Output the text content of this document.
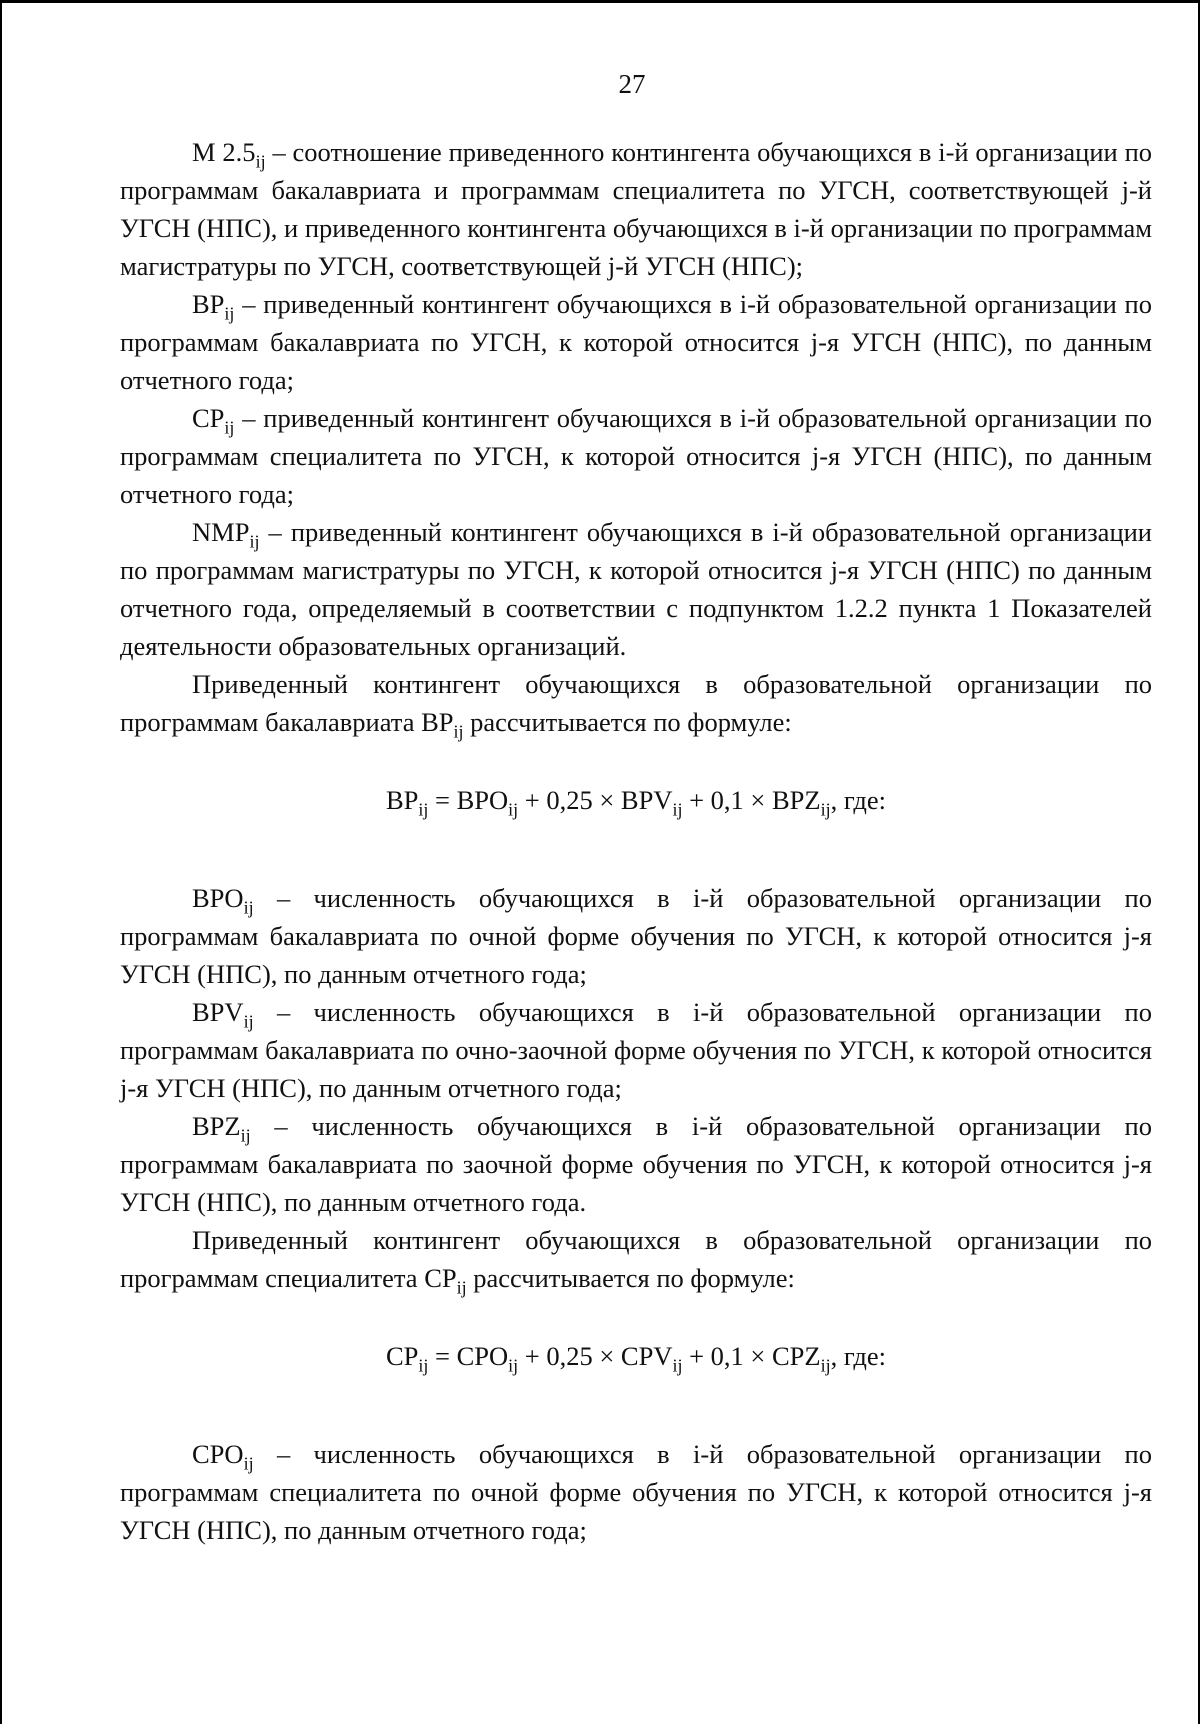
27

M $2.5_{ij}$ – соотношение приведенного контингента обучающихся в i-й организации по программам бакалавриата и программам специалитета по УГСН, соответствующей j-й УГСН (НПС), и приведенного контингента обучающихся в i-й организации по программам магистратуры по УГСН, соответствующей j-й УГСН (НПС);

$BP_{ij}$ – приведенный контингент обучающихся в i-й образовательной организации по программам бакалавриата по УГСН, к которой относится j-я УГСН (НПС), по данным отчетного года;

$CP_{ij}$ – приведенный контингент обучающихся в i-й образовательной организации по программам специалитета по УГСН, к которой относится j-я УГСН (НПС), по данным отчетного года;

$NMP_{ij}$ – приведенный контингент обучающихся в i-й образовательной организации по программам магистратуры по УГСН, к которой относится j-я УГСН (НПС) по данным отчетного года, определяемый в соответствии с подпунктом 1.2.2 пункта 1 Показателей деятельности образовательных организаций.

Приведенный контингент обучающихся в образовательной организации по программам бакалавриата $BP_{ij}$ рассчитывается по формуле:

$BP_{ij} = BPO_{ij} + 0,25 \times BPV_{ij} + 0,1 \times BPZ_{ij}$, где:

$BPO_{ij}$ – численность обучающихся в i-й образовательной организации по программам бакалавриата по очной форме обучения по УГСН, к которой относится j-я УГСН (НПС), по данным отчетного года;

$BPV_{ij}$ – численность обучающихся в i-й образовательной организации по программам бакалавриата по очно-заочной форме обучения по УГСН, к которой относится j-я УГСН (НПС), по данным отчетного года;

$BPZ_{ij}$ – численность обучающихся в i-й образовательной организации по программам бакалавриата по заочной форме обучения по УГСН, к которой относится j-я УГСН (НПС), по данным отчетного года.

Приведенный контингент обучающихся в образовательной организации по программам специалитета $CP_{ij}$ рассчитывается по формуле:

$CP_{ij} = CPO_{ij} + 0,25 \times CPV_{ij} + 0,1 \times CPZ_{ij}$, где:

$CPO_{ij}$ – численность обучающихся в i-й образовательной организации по программам специалитета по очной форме обучения по УГСН, к которой относится j-я УГСН (НПС), по данным отчетного года;
